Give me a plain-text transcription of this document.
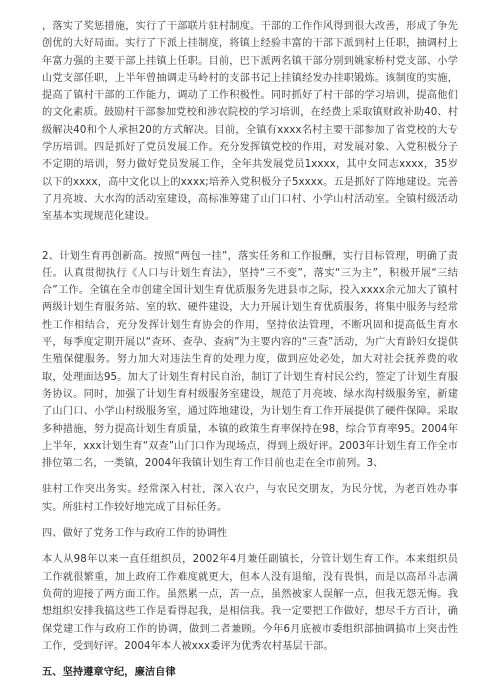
，落实了奖惩措施，实行了干部联片驻村制度。干部的工作作风得到很大改善，形成了争先创优的大好局面。实行了下派上挂制度，将镇上经验丰富的干部下派到村上任职，抽调村上年富力强的主要干部上挂镇上任职。目前，巴下派两名镇干部分别到姚家桥村党支部、小学山党支部任职，上半年曾抽调走马岭村的支部书记上挂镇经发办挂职锻炼。该制度的实施，提高了镇村干部的工作能力，调动了工作积极性。同时抓好了村干部的学习培训，提高他们的文化素质。鼓励村干部参加党校和涉农院校的学习培训，在经费上采取镇财政补助40、村级解决40和个人承担20的方式解决。目前，全镇有xxxx名村主要干部参加了省党校的大专学历培训。四是抓好了党员发展工作。充分发挥镇党校的作用，对发展对象、入党积极分子不定期的培训，努力做好党员发展工作，全年共发展党员1xxxx，其中女同志xxxx，35岁以下的xxxx，高中文化以上的xxxx;培养入党积极分子5xxxx。五是抓好了阵地建设。完善了月亮坡、大水沟的活动室建设，高标准筹建了山门口村、小学山村活动室。全镇村级活动室基本实现规范化建设。

2、计划生育再创新高。按照“两包一挂”，落实任务和工作报酬，实行目标管理，明确了责任。认真贯彻执行《人口与计划生育法》，坚持“三不变”，落实“三为主”，积极开展“三结合”工作。全镇在全市创建全国计划生育优质服务先进县市之际，投入xxxx余元加大了镇村两级计划生育服务站、室的软、硬件建设，大力开展计划生育优质服务，将集中服务与经常性工作相结合，充分发挥计划生育协会的作用，坚持依法管理，不断巩固和提高低生育水平，每季度定期开展以“查环、查孕、查病”为主要内容的“三查”活动，为广大育龄妇女提供生殖保健服务。努力加大对违法生育的处理力度，做到应处必处，加大对社会抚养费的收取，处理面达95。加大了计划生育村民自治，制订了计划生育村民公约，签定了计划生育服务协议。同时，加强了计划生育村级服务室建设，规范了月亮坡、绿水沟村级服务室，新建了山门口、小学山村级服务室，通过阵地建设，为计划生育工作开展提供了硬件保障。采取多种措施，努力提高计划生育质量，本镇的政策生育率保持在98，综合节育率95。2004年上半年，xxx计划生育“双查”山门口作为现场点，得到上级好评。2003年计划生育工作全市排位第二名，一类镇，2004年我镇计划生育工作目前也走在全市前列。3、

驻村工作突出务实。经常深入村社，深入农户，与农民交朋友，为民分忧，为老百姓办事实。所驻村工作较好地完成了目标任务。

四、做好了党务工作与政府工作的协调性

本人从98年以来一直任组织员，2002年4月兼任副镇长，分管计划生育工作。本来组织员工作就很繁重，加上政府工作难度就更大，但本人没有退缩，没有畏惧，而是以高昂斗志满负荷的迎接了两方面工作。虽然累一点，苦一点，虽然被家人误解一点，但我无怨无悔。我想组织安排我搞这些工作是看得起我，是相信我。我一定要把工作做好，想尽千方百计，确保党建工作与政府工作的协调，做到二者兼顾。今年6月底被市委组织部抽调搞市上突击性工作，受到好评。2004年本人被xxx委评为优秀农村基层干部。

五、坚持遵章守纪，廉洁自律
